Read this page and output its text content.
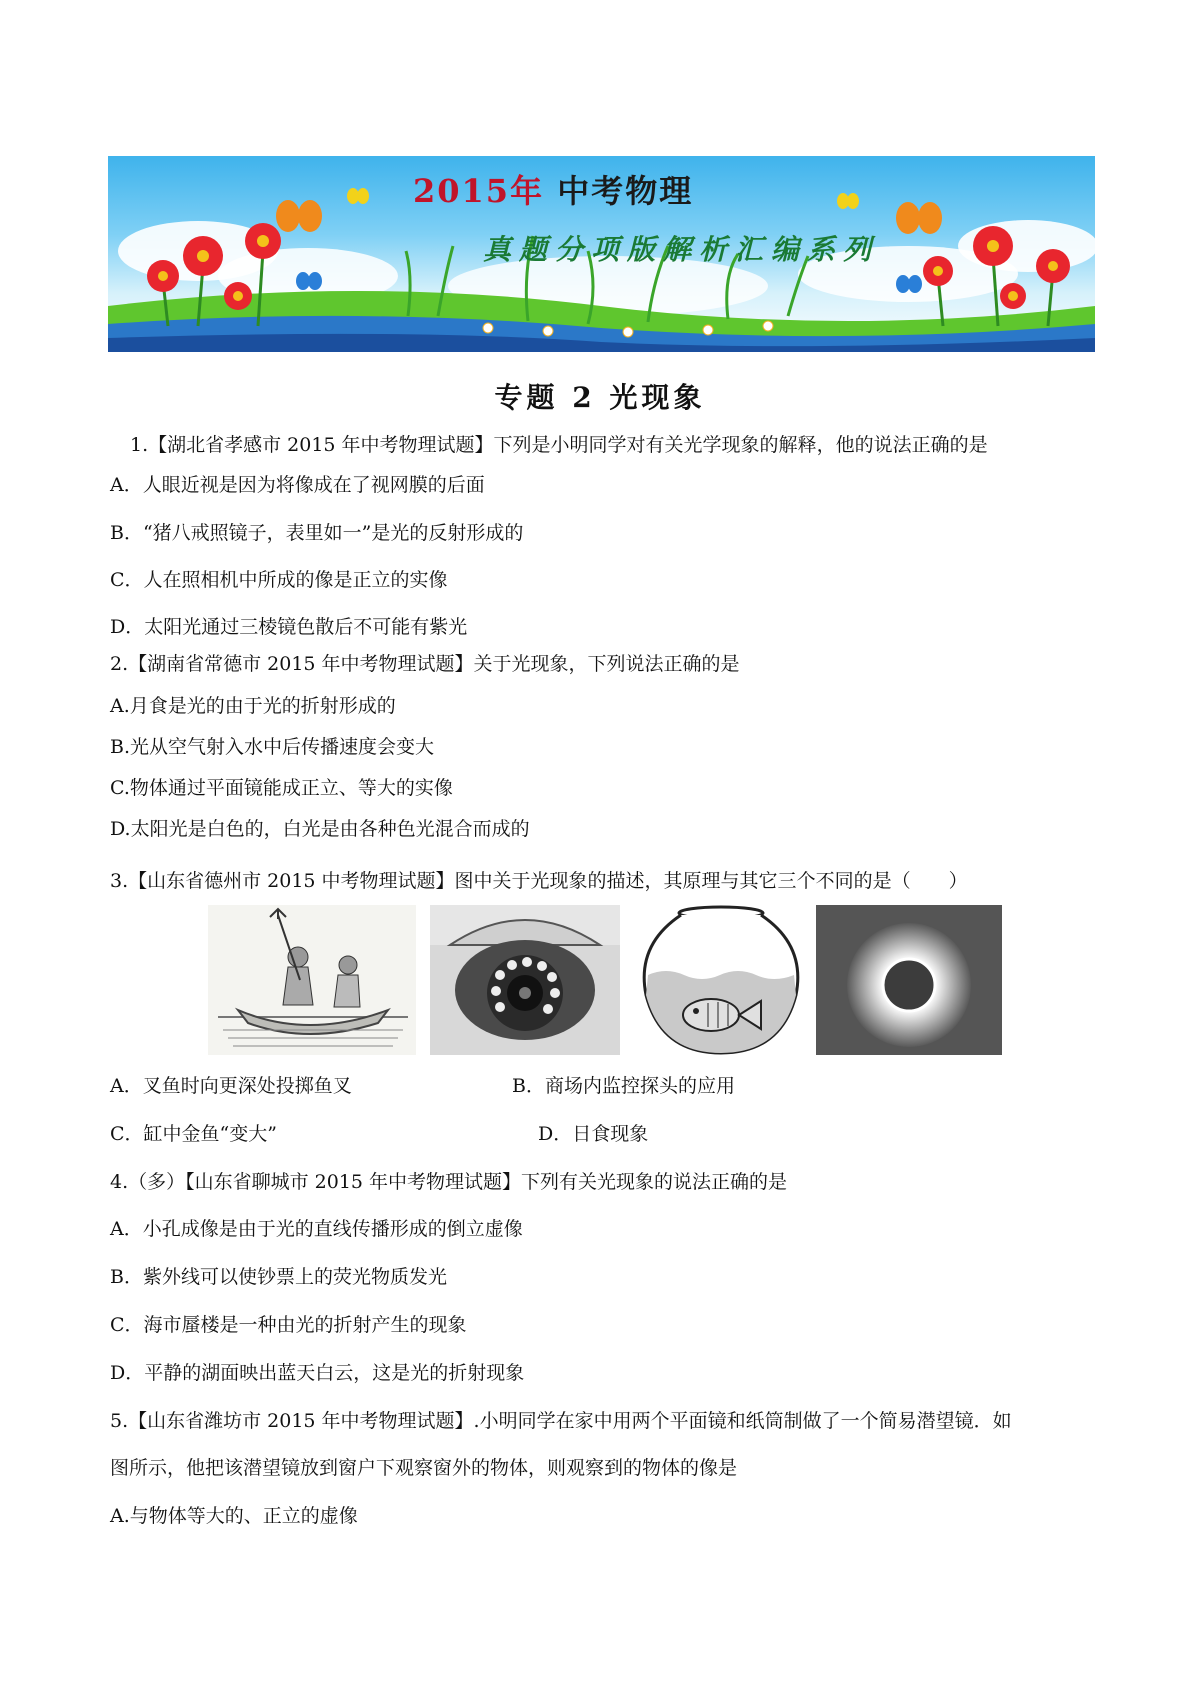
2015年 中考物理
真题分项版解析汇编系列
专题 2 光现象
1.【湖北省孝感市 2015 年中考物理试题】下列是小明同学对有关光学现象的解释，他的说法正确的是
A．人眼近视是因为将像成在了视网膜的后面
B．“猪八戒照镜子，表里如一”是光的反射形成的
C．人在照相机中所成的像是正立的实像
D．太阳光通过三棱镜色散后不可能有紫光
2.【湖南省常德市 2015 年中考物理试题】关于光现象，下列说法正确的是
A.月食是光的由于光的折射形成的
B.光从空气射入水中后传播速度会变大
C.物体通过平面镜能成正立、等大的实像
D.太阳光是白色的，白光是由各种色光混合而成的
3.【山东省德州市 2015 中考物理试题】图中关于光现象的描述，其原理与其它三个不同的是（　　）
A．叉鱼时向更深处投掷鱼叉	B．商场内监控探头的应用
C．缸中金鱼“变大”	D．日食现象
4.（多）【山东省聊城市 2015 年中考物理试题】下列有关光现象的说法正确的是
A．小孔成像是由于光的直线传播形成的倒立虚像
B．紫外线可以使钞票上的荧光物质发光
C．海市蜃楼是一种由光的折射产生的现象
D．平静的湖面映出蓝天白云，这是光的折射现象
5.【山东省潍坊市 2015 年中考物理试题】.小明同学在家中用两个平面镜和纸筒制做了一个简易潜望镜．如
图所示，他把该潜望镜放到窗户下观察窗外的物体，则观察到的物体的像是
A.与物体等大的、正立的虚像
